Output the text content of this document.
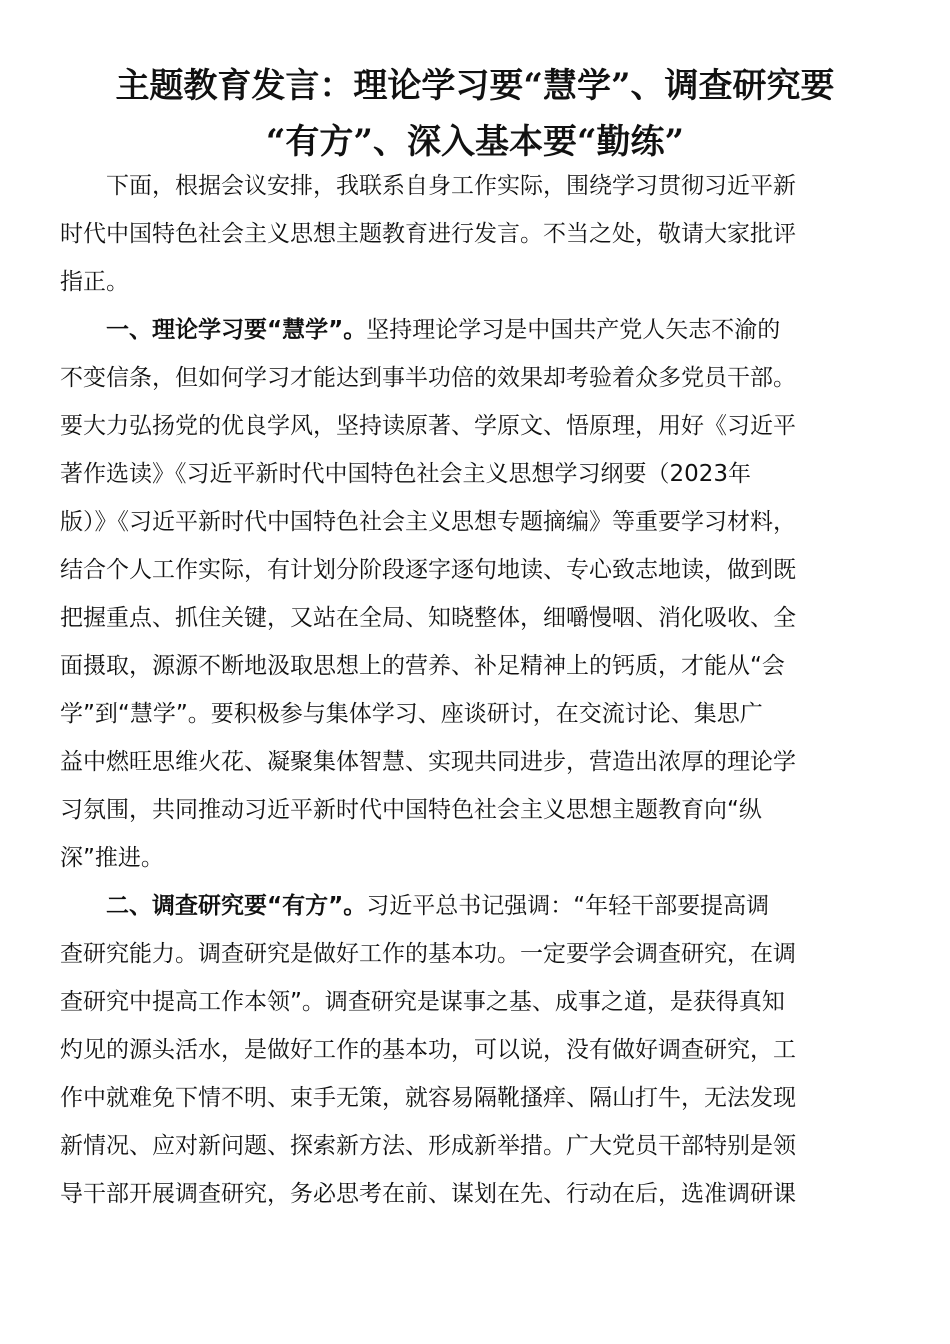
主题教育发言：理论学习要“慧学”、调查研究要
“有方”、深入基本要“勤练”

　　下面，根据会议安排，我联系自身工作实际，围绕学习贯彻习近平新
时代中国特色社会主义思想主题教育进行发言。不当之处，敬请大家批评
指正。

　　一、理论学习要“慧学”。坚持理论学习是中国共产党人矢志不渝的
不变信条，但如何学习才能达到事半功倍的效果却考验着众多党员干部。
要大力弘扬党的优良学风，坚持读原著、学原文、悟原理，用好《习近平
著作选读》《习近平新时代中国特色社会主义思想学习纲要（2023年
版）》《习近平新时代中国特色社会主义思想专题摘编》等重要学习材料，
结合个人工作实际，有计划分阶段逐字逐句地读、专心致志地读，做到既
把握重点、抓住关键，又站在全局、知晓整体，细嚼慢咽、消化吸收、全
面摄取，源源不断地汲取思想上的营养、补足精神上的钙质，才能从“会
学”到“慧学”。要积极参与集体学习、座谈研讨，在交流讨论、集思广
益中燃旺思维火花、凝聚集体智慧、实现共同进步，营造出浓厚的理论学
习氛围，共同推动习近平新时代中国特色社会主义思想主题教育向“纵
深”推进。

　　二、调查研究要“有方”。习近平总书记强调：“年轻干部要提高调
查研究能力。调查研究是做好工作的基本功。一定要学会调查研究，在调
查研究中提高工作本领”。调查研究是谋事之基、成事之道，是获得真知
灼见的源头活水，是做好工作的基本功，可以说，没有做好调查研究，工
作中就难免下情不明、束手无策，就容易隔靴搔痒、隔山打牛，无法发现
新情况、应对新问题、探索新方法、形成新举措。广大党员干部特别是领
导干部开展调查研究，务必思考在前、谋划在先、行动在后，选准调研课
